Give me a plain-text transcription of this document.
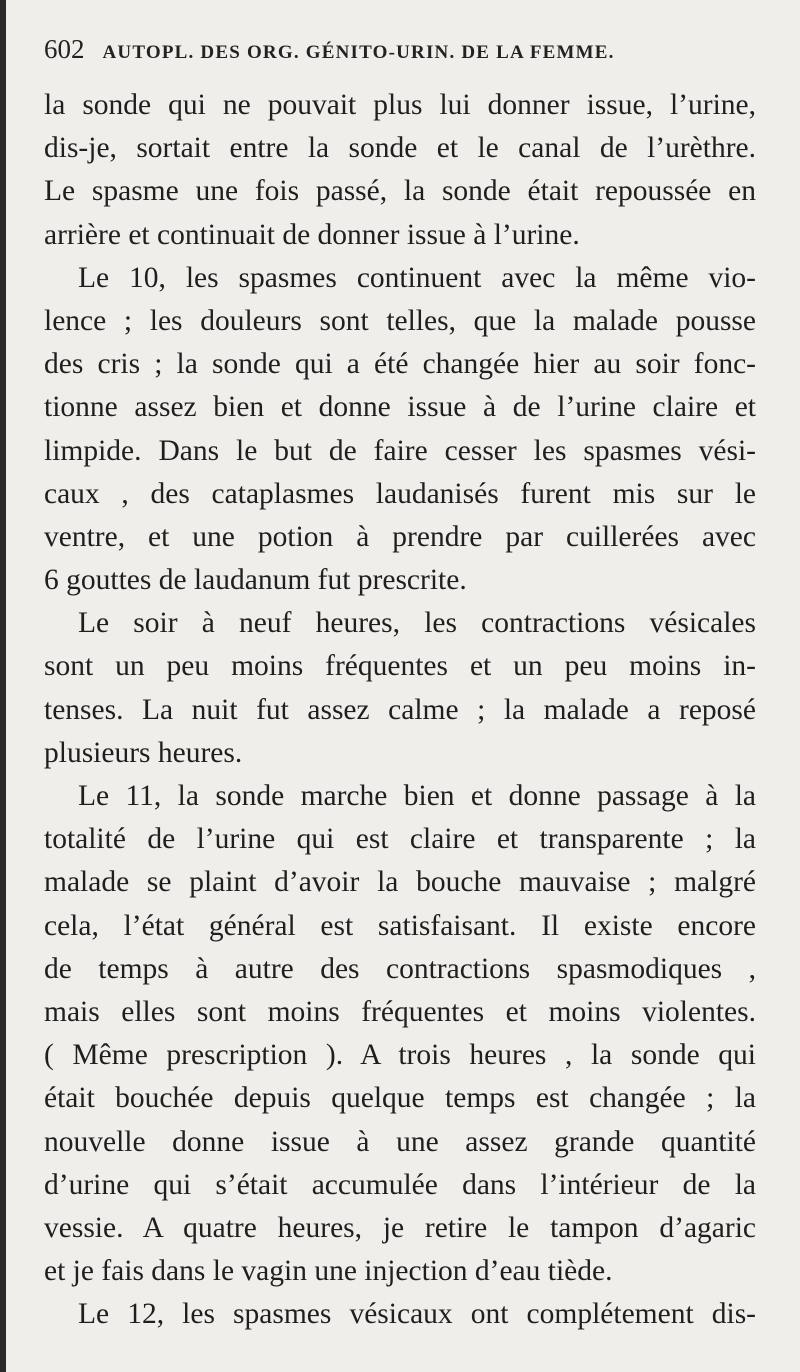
602 AUTOPL. DES ORG. GÉNITO-URIN. DE LA FEMME.
la sonde qui ne pouvait plus lui donner issue, l’urine,
dis-je, sortait entre la sonde et le canal de l’urèthre.
Le spasme une fois passé, la sonde était repoussée en
arrière et continuait de donner issue à l’urine.
Le 10, les spasmes continuent avec la même vio-
lence ; les douleurs sont telles, que la malade pousse
des cris ; la sonde qui a été changée hier au soir fonc-
tionne assez bien et donne issue à de l’urine claire et
limpide. Dans le but de faire cesser les spasmes vési-
caux , des cataplasmes laudanisés furent mis sur le
ventre, et une potion à prendre par cuillerées avec
6 gouttes de laudanum fut prescrite.
Le soir à neuf heures, les contractions vésicales
sont un peu moins fréquentes et un peu moins in-
tenses. La nuit fut assez calme ; la malade a reposé
plusieurs heures.
Le 11, la sonde marche bien et donne passage à la
totalité de l’urine qui est claire et transparente ; la
malade se plaint d’avoir la bouche mauvaise ; malgré
cela, l’état général est satisfaisant. Il existe encore
de temps à autre des contractions spasmodiques ,
mais elles sont moins fréquentes et moins violentes.
( Même prescription ). A trois heures , la sonde qui
était bouchée depuis quelque temps est changée ; la
nouvelle donne issue à une assez grande quantité
d’urine qui s’était accumulée dans l’intérieur de la
vessie. A quatre heures, je retire le tampon d’agaric
et je fais dans le vagin une injection d’eau tiède.
Le 12, les spasmes vésicaux ont complétement dis-
